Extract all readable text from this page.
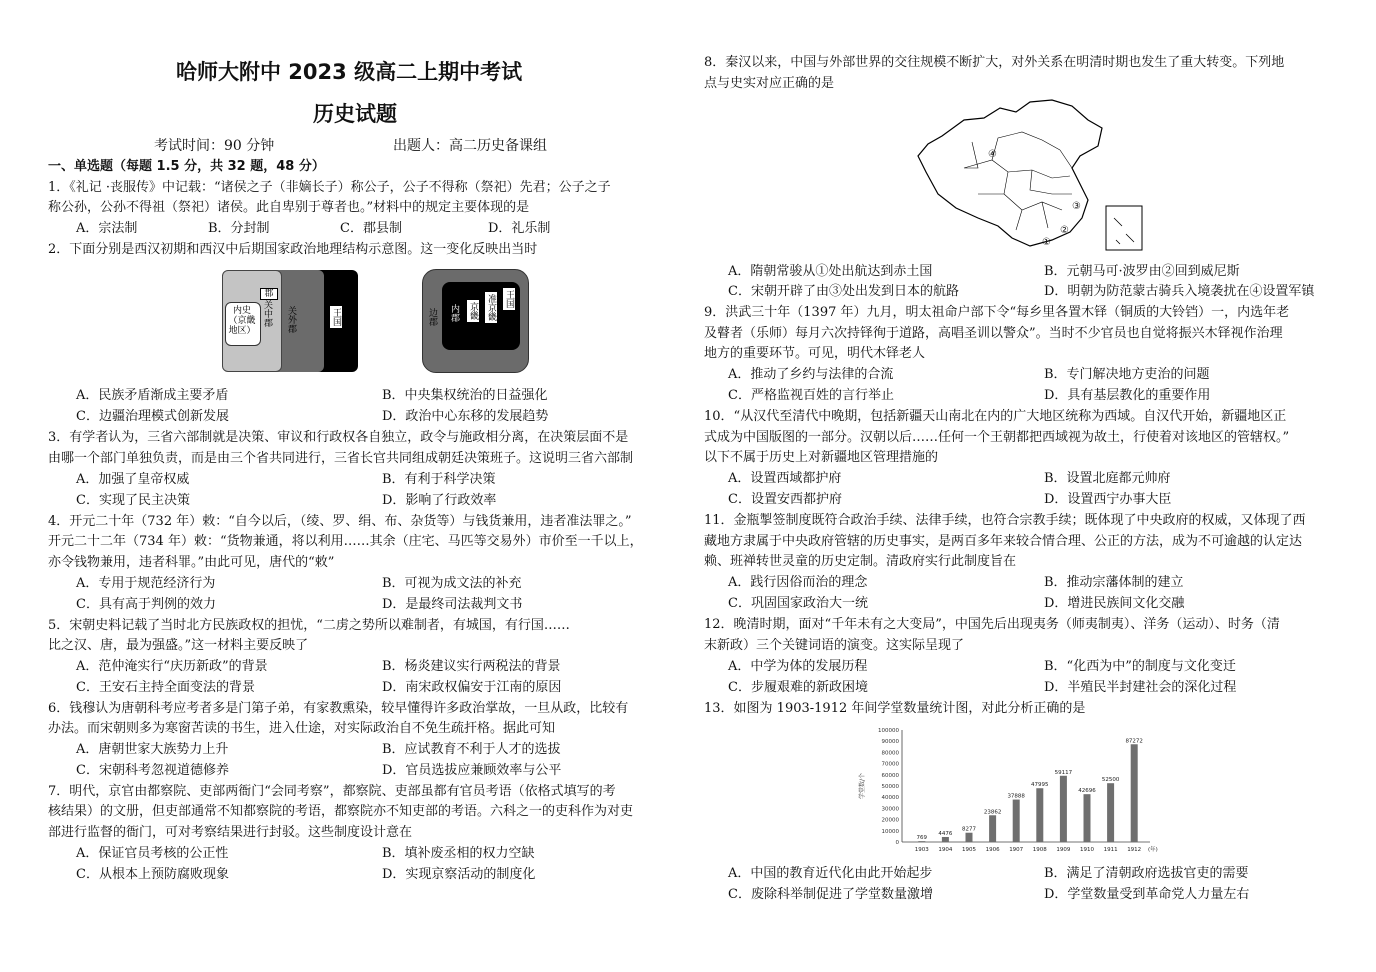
哈师大附中 2023 级高二上期中考试
历史试题
考试时间：90 分钟	出题人：高二历史备课组
一、单选题（每题 1.5 分，共 32 题，48 分）
1．《礼记 ·丧服传》中记载：“诸侯之子（非嫡长子）称公子，公子不得称（祭祀）先君；公子之子
称公孙，公孙不得祖（祭祀）诸侯。此自卑别于尊者也。”材料中的规定主要体现的是
A．宗法制	B．分封制	C．郡县制	D．礼乐制
2．下面分别是西汉初期和西汉中后期国家政治地理结构示意图。这一变化反映出当时
内史（京畿地区）
关中郡
郡
关外郡	王国	边郡 内郡 京畿 准京畿 王国
A．民族矛盾渐成主要矛盾	B．中央集权统治的日益强化
C．边疆治理模式创新发展	D．政治中心东移的发展趋势
3．有学者认为，三省六部制就是决策、审议和行政权各自独立，政令与施政相分离，在决策层面不是
由哪一个部门单独负责，而是由三个省共同进行，三省长官共同组成朝廷决策班子。这说明三省六部制
A．加强了皇帝权威	B．有利于科学决策
C．实现了民主决策	D．影响了行政效率
4．开元二十年（732 年）敕：“自今以后，（绫、罗、绢、布、杂货等）与钱货兼用，违者准法罪之。”
开元二十二年（734 年）敕：“货物兼通，将以利用……其余（庄宅、马匹等交易外）市价至一千以上，
亦令钱物兼用，违者科罪。”由此可见，唐代的“敕”
A．专用于规范经济行为	B．可视为成文法的补充
C．具有高于判例的效力	D．是最终司法裁判文书
5．宋朝史料记载了当时北方民族政权的担忧，“二虏之势所以难制者，有城国，有行国……
比之汉、唐，最为强盛。”这一材料主要反映了
A．范仲淹实行“庆历新政”的背景	B．杨炎建议实行两税法的背景
C．王安石主持全面变法的背景	D．南宋政权偏安于江南的原因
6．钱穆认为唐朝科考应考者多是门第子弟，有家教熏染，较早懂得许多政治掌故，一旦从政，比较有
办法。而宋朝则多为寒窗苦读的书生，进入仕途，对实际政治自不免生疏扞格。据此可知
A．唐朝世家大族势力上升	B．应试教育不利于人才的选拔
C．宋朝科考忽视道德修养	D．官员选拔应兼顾效率与公平
7．明代，京官由都察院、吏部两衙门“会同考察”，都察院、吏部虽都有官员考语（依格式填写的考
核结果）的文册，但吏部通常不知都察院的考语，都察院亦不知吏部的考语。六科之一的吏科作为对吏
部进行监督的衙门，可对考察结果进行封驳。这些制度设计意在
A．保证官员考核的公正性	B．填补废丞相的权力空缺
C．从根本上预防腐败现象	D．实现京察活动的制度化
8．秦汉以来，中国与外部世界的交往规模不断扩大，对外关系在明清时期也发生了重大转变。下列地
点与史实对应正确的是
④
③
②
①
A．隋朝常骏从①处出航达到赤土国	B．元朝马可·波罗由②回到威尼斯
C．宋朝开辟了由③处出发到日本的航路	D．明朝为防范蒙古骑兵入境袭扰在④设置军镇
9．洪武三十年（1397 年）九月，明太祖命户部下令“每乡里各置木铎（铜质的大铃铛）一，内选年老
及瞽者（乐师）每月六次持铎徇于道路，高唱圣训以警众”。当时不少官员也自觉将振兴木铎视作治理
地方的重要环节。可见，明代木铎老人
A．推动了乡约与法律的合流	B．专门解决地方吏治的问题
C．严格监视百姓的言行举止	D．具有基层教化的重要作用
10．“从汉代至清代中晚期，包括新疆天山南北在内的广大地区统称为西域。自汉代开始，新疆地区正
式成为中国版图的一部分。汉朝以后……任何一个王朝都把西域视为故土，行使着对该地区的管辖权。”
以下不属于历史上对新疆地区管理措施的
A．设置西域都护府	B．设置北庭都元帅府
C．设置安西都护府	D．设置西宁办事大臣
11．金瓶掣签制度既符合政治手续、法律手续，也符合宗教手续；既体现了中央政府的权威，又体现了西
藏地方隶属于中央政府管辖的历史事实，是两百多年来较合情合理、公正的方法，成为不可逾越的认定达
赖、班禅转世灵童的历史定制。清政府实行此制度旨在
A．践行因俗而治的理念	B．推动宗藩体制的建立
C．巩固国家政治大一统	D．增进民族间文化交融
12．晚清时期，面对“千年未有之大变局”，中国先后出现夷务（师夷制夷）、洋务（运动）、时务（清
末新政）三个关键词语的演变。这实际呈现了
A．中学为体的发展历程	B．“化西为中”的制度与文化变迁
C．步履艰难的新政困境	D．半殖民半封建社会的深化过程
13．如图为 1903-1912 年间学堂数量统计图，对此分析正确的是
100000
90000
80000
70000
60000
50000
40000
30000
20000
10000
0
学堂数/个
769
1903
4476
1904
8277
1905
23862
1906
37888
1907
47995
1908
59117
1909
42696
1910
52500
1911
87272
1912 (年)
A．中国的教育近代化由此开始起步	B．满足了清朝政府选拔官吏的需要
C．废除科举制促进了学堂数量激增	D．学堂数量受到革命党人力量左右
